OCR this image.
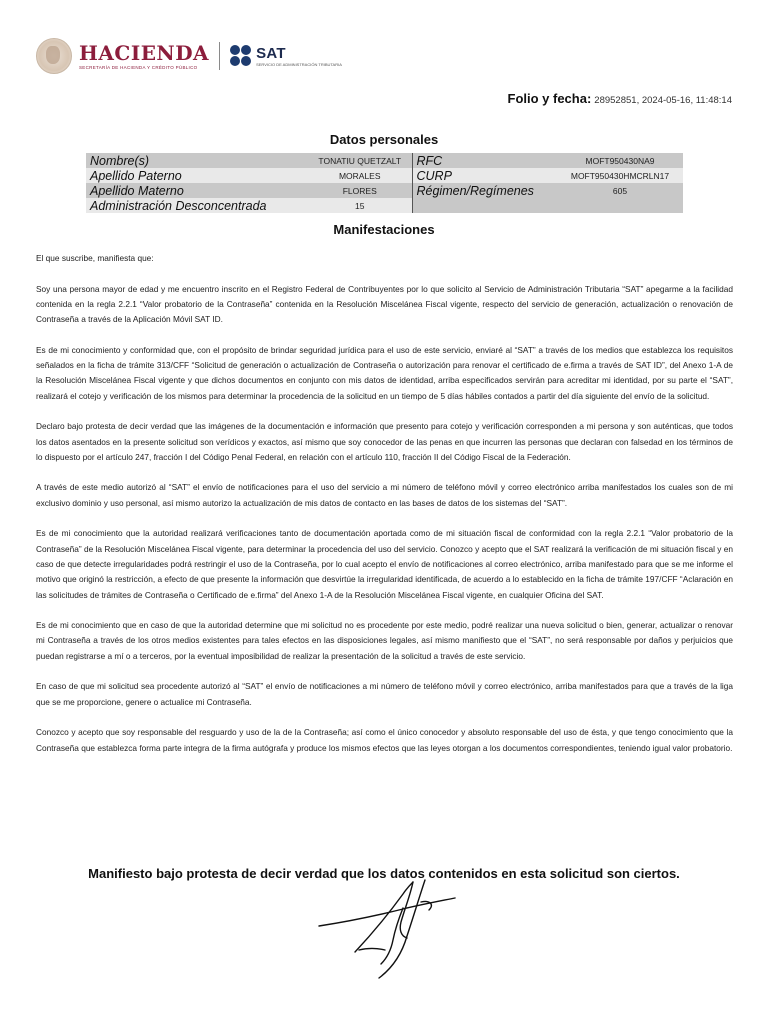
HACIENDA
SECRETARÍA DE HACIENDA Y CRÉDITO PÚBLICO
SAT
SERVICIO DE ADMINISTRACIÓN TRIBUTARIA
Folio y fecha: 28952851, 2024-05-16, 11:48:14
Datos personales
Nombre(s)	TONATIU QUETZALT	RFC	MOFT950430NA9
Apellido Paterno	MORALES	CURP	MOFT950430HMCRLN17
Apellido Materno	FLORES	Régimen/Regímenes	605
Administración Desconcentrada	15		
Manifestaciones

El que suscribe, manifiesta que:

Soy una persona mayor de edad y me encuentro inscrito en el Registro Federal de Contribuyentes por lo que solicito al Servicio de Administración Tributaria “SAT” apegarme a la facilidad contenida en la regla 2.2.1 “Valor probatorio de la Contraseña” contenida en la Resolución Miscelánea Fiscal vigente, respecto del servicio de generación, actualización o renovación de Contraseña a través de la Aplicación Móvil SAT ID.

Es de mi conocimiento y conformidad que, con el propósito de brindar seguridad jurídica para el uso de este servicio, enviaré al “SAT” a través de los medios que establezca los requisitos señalados en la ficha de trámite 313/CFF “Solicitud de generación o actualización de Contraseña o autorización para renovar el certificado de e.firma a través de SAT ID”, del Anexo 1-A de la Resolución Miscelánea Fiscal vigente y que dichos documentos en conjunto con mis datos de identidad, arriba especificados servirán para acreditar mi identidad, por su parte el “SAT”, realizará el cotejo y verificación de los mismos para determinar la procedencia de la solicitud en un tiempo de 5 días hábiles contados a partir del día siguiente del envío de la solicitud.

Declaro bajo protesta de decir verdad que las imágenes de la documentación e información que presento para cotejo y verificación corresponden a mi persona y son auténticas, que todos los datos asentados en la presente solicitud son verídicos y exactos, así mismo que soy conocedor de las penas en que incurren las personas que declaran con falsedad en los términos de lo dispuesto por el artículo 247, fracción I del Código Penal Federal, en relación con el artículo 110, fracción II del Código Fiscal de la Federación.

A través de este medio autorizó al “SAT” el envío de notificaciones para el uso del servicio a mi número de teléfono móvil y correo electrónico arriba manifestados los cuales son de mi exclusivo dominio y uso personal, así mismo autorizo la actualización de mis datos de contacto en las bases de datos de los sistemas del “SAT”.

Es de mi conocimiento que la autoridad realizará verificaciones tanto de documentación aportada como de mi situación fiscal de conformidad con la regla 2.2.1 “Valor probatorio de la Contraseña” de la Resolución Miscelánea Fiscal vigente, para determinar la procedencia del uso del servicio. Conozco y acepto que el SAT realizará la verificación de mi situación fiscal y en caso de que detecte irregularidades podrá restringir el uso de la Contraseña, por lo cual acepto el envío de notificaciones al correo electrónico, arriba manifestado para que se me informe el motivo que originó la restricción, a efecto de que presente la información que desvirtúe la irregularidad identificada, de acuerdo a lo establecido en la ficha de trámite 197/CFF “Aclaración en las solicitudes de trámites de Contraseña o Certificado de e.firma” del Anexo 1-A de la Resolución Miscelánea Fiscal vigente, en cualquier Oficina del SAT.

Es de mi conocimiento que en caso de que la autoridad determine que mi solicitud no es procedente por este medio, podré realizar una nueva solicitud o bien, generar, actualizar o renovar mi Contraseña a través de los otros medios existentes para tales efectos en las disposiciones legales, así mismo manifiesto que el “SAT”, no será responsable por daños y perjuicios que puedan registrarse a mí o a terceros, por la eventual imposibilidad de realizar la presentación de la solicitud a través de este servicio.

En caso de que mi solicitud sea procedente autorizó al “SAT” el envío de notificaciones a mi número de teléfono móvil y correo electrónico, arriba manifestados para que a través de la liga que se me proporcione, genere o actualice mi Contraseña.

Conozco y acepto que soy responsable del resguardo y uso de la de la Contraseña; así como el único conocedor y absoluto responsable del uso de ésta, y que tengo conocimiento que la Contraseña que establezca forma parte integra de la firma autógrafa y produce los mismos efectos que las leyes otorgan a los documentos correspondientes, teniendo igual valor probatorio.

Manifiesto bajo protesta de decir verdad que los datos contenidos en esta solicitud son ciertos.
